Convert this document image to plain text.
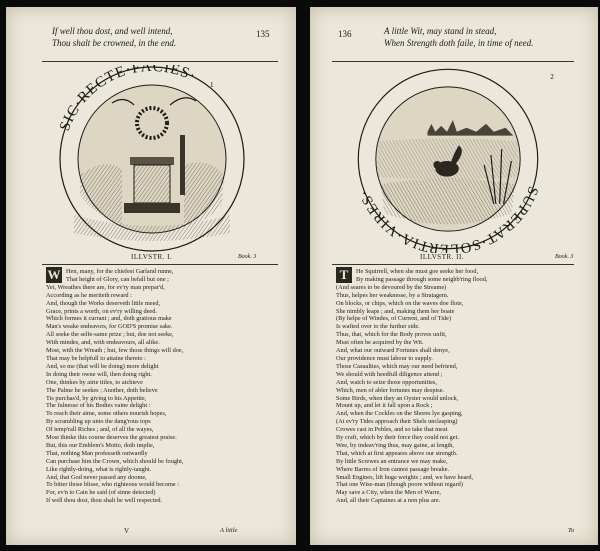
If well thou dost, and well intend,
Thou shalt be crowned, in the end.
135
SIC·RECTE·FACIES·
1
ILLVSTR. I.	Book. 3
W Hen, many, for the chiefest Garland runne,
That height of Glory, can befall but one ;
Yet, Wreathes there are, for ev'ry man prepar'd,
According as he meriteth reward :
And, though the Works deserveth little meed,
Grace, prints a worth, on ev'ry willing deed.
Which formes it currant ; and, doth gratious make
Man's weake endeavors, for GOD'S promise sake.
All seeke the selfe-same prize ; but, doe not seeke,
With mindes, and, with endeavours, all alike.
Most, with the Wreath ; but, few those things will doe,
That may be helpfull to attaine thereto :
And, so me (that will be doing) more delight
In doing their owne will, then doing right.
One, thinkes by airie titles, to atchieve
The Palme he seekes ; Another, doth believe
Tis purchas'd, by giving to his Appetite,
The fulnesse of his Bodies vaine delight :
To reach their aime, some others nourish hopes,
By scrambling up unto the dang'rous tops
Of temp'rall Riches ; and, of all the wayes,
Most thinke this course deserves the greatest praise.
But, this our Emblem's Motto, doth implie,
That, nothing Man professeth outwardly
Can purchase him the Crown, which should be fought,
Like rightly-doing, what is rightly-taught.
And, that God never passed any doome,
To bitter those blisse, who righteous would become :
For, ev'n to Cain he said (of sinne detected)
If well thou dost, thou shalt be well respected.
V	A little
136	A little Wit, may stand in stead,
When Strength doth faile, in time of need.
SUPERAT·SOLERTIA·VIRES·
2
ILLVSTR. II.	Book. 3
T	He Squirrell, when she must goe seeke her food,
By making passage through some neighb'ring flood,
(And seares to be devoured by the Streame)
Thus, helpes her weaknesse, by a Stratagem.
On blocks, or chips, which on the waves doe flote,
She nimbly leaps ; and, making them her boate
(By helpe of Windes, of Current, and of Tide)
Is wafted over to the further side.
Thus, that, which for the Body proves unfit,
Must often be acquired by the Wit.
And, what our outward Fortunes shall denye,
Our providence must labour to supply.
Those Casualties, which may our need befriend,
We should with heedfull diligence attend ;
And, watch to seize those opportunities,
Which, men of abler fortunes may despise.
Some Birds, when they an Oyster would unlock,
Mount up, and let it fall upon a Rock ;
And, when the Cockles on the Shores lye gasping,
(At ev'ry Tides approach their Shels unclasping)
Crowes cast in Pebles, and so take that meat
By craft, which by their force they could not get.
Wee, by indeav'ring thus, may gaine, at length,
That, which at first appeares above our strength.
By little Screwes an entrance we may make,
Where Barres of Iron cannot passage breake.
Small Engines, lift huge weights ; and, we have heard,
That one Wise-man (though poore without regard)
May save a City, when the Men of Warre,
And, all their Captaines at a non plus are.
To
